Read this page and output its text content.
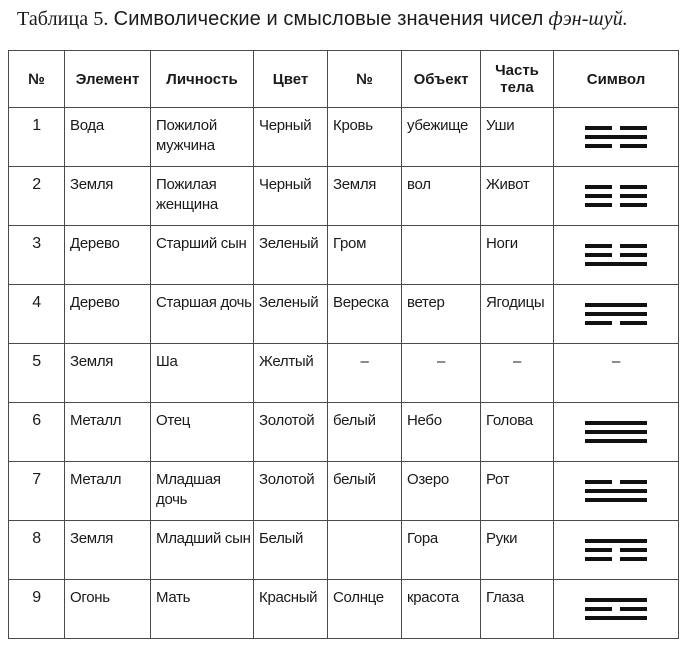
Таблица 5. Символические и смысловые значения чисел фэн-шуй.
№	Элемент	Личность	Цвет	№	Объект	Часть тела	Символ

1	Вода	Пожилой мужчина	Черный	Кровь	убежище	Уши	

2	Земля	Пожилая женщина	Черный	Земля	вол	Живот	

3	Дерево	Старший сын	Зеленый	Гром		Ноги	

4	Дерево	Старшая дочь	Зеленый	Вереска	ветер	Ягодицы	

5	Земля	Ша	Желтый	–	–	–	–

6	Металл	Отец	Золотой	белый	Небо	Голова	

7	Металл	Младшая дочь	Золотой	белый	Озеро	Рот	

8	Земля	Младший сын	Белый		Гора	Руки	

9	Огонь	Мать	Красный	Солнце	красота	Глаза	
